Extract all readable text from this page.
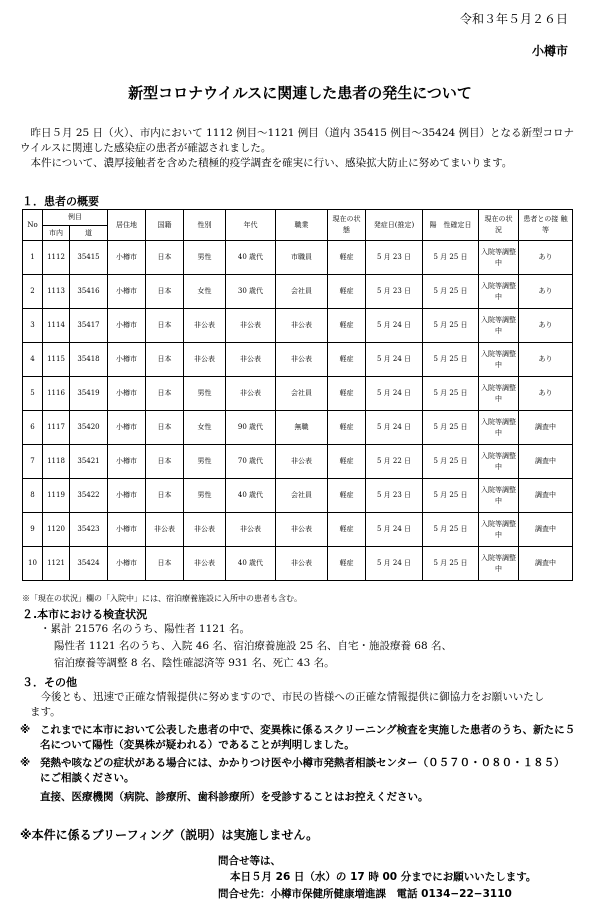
令和３年５月２６日
小樽市
新型コロナウイルスに関連した患者の発生について

昨日５月 25 日（火）、市内において 1112 例目〜1121 例目（道内 35415 例目〜35424 例目）となる新型コロナウイルスに関連した感染症の患者が確認されました。

本件について、濃厚接触者を含めた積極的疫学調査を確実に行い、感染拡大防止に努めてまいります。

１．患者の概要
No	例目		居住地	国籍	性別	年代	職業	現在の状　態	発症日(推定)	陽　性確定日	現在の状　況	患者との接 触 等
	市内	道										
1	1112	35415	小樽市	日本	男性	40 歳代	市職員	軽症	5 月 23 日	5 月 25 日	入院等調整中	あり
2	1113	35416	小樽市	日本	女性	30 歳代	会社員	軽症	5 月 23 日	5 月 25 日	入院等調整中	あり
3	1114	35417	小樽市	日本	非公表	非公表	非公表	軽症	5 月 24 日	5 月 25 日	入院等調整中	あり
4	1115	35418	小樽市	日本	非公表	非公表	非公表	軽症	5 月 24 日	5 月 25 日	入院等調整中	あり
5	1116	35419	小樽市	日本	男性	非公表	会社員	軽症	5 月 24 日	5 月 25 日	入院等調整中	あり
6	1117	35420	小樽市	日本	女性	90 歳代	無職	軽症	5 月 24 日	5 月 25 日	入院等調整中	調査中
7	1118	35421	小樽市	日本	男性	70 歳代	非公表	軽症	5 月 22 日	5 月 25 日	入院等調整中	調査中
8	1119	35422	小樽市	日本	男性	40 歳代	会社員	軽症	5 月 23 日	5 月 25 日	入院等調整中	調査中
9	1120	35423	小樽市	非公表	非公表	非公表	非公表	軽症	5 月 24 日	5 月 25 日	入院等調整中	調査中
10	1121	35424	小樽市	日本	非公表	40 歳代	非公表	軽症	5 月 24 日	5 月 25 日	入院等調整中	調査中
※「現在の状況」欄の「入院中」には、宿泊療養施設に入所中の患者も含む。
２.本市における検査状況
・累計 21576 名のうち、陽性者 1121 名。
陽性者 1121 名のうち、入院 46 名、宿泊療養施設 25 名、自宅・施設療養 68 名、
宿泊療養等調整 8 名、陰性確認済等 931 名、死亡 43 名。
３．その他
今後とも、迅速で正確な情報提供に努めますので、市民の皆様への正確な情報提供に御協力をお願いいたします。
※ これまでに本市において公表した患者の中で、変異株に係るスクリーニング検査を実施した患者のうち、新たに５名について陽性（変異株が疑われる）であることが判明しました。
※ 発熱や咳などの症状がある場合には、かかりつけ医や小樽市発熱者相談センター（０５７０・０８０・１８５）にご相談ください。
直接、医療機関（病院、診療所、歯科診療所）を受診することはお控えください。
※本件に係るブリーフィング（説明）は実施しません。
問合せ等は、
本日５月 26 日（水）の 17 時 00 分までにお願いいたします。
問合せ先：小樽市保健所健康増進課　電話 0134−22−3110
